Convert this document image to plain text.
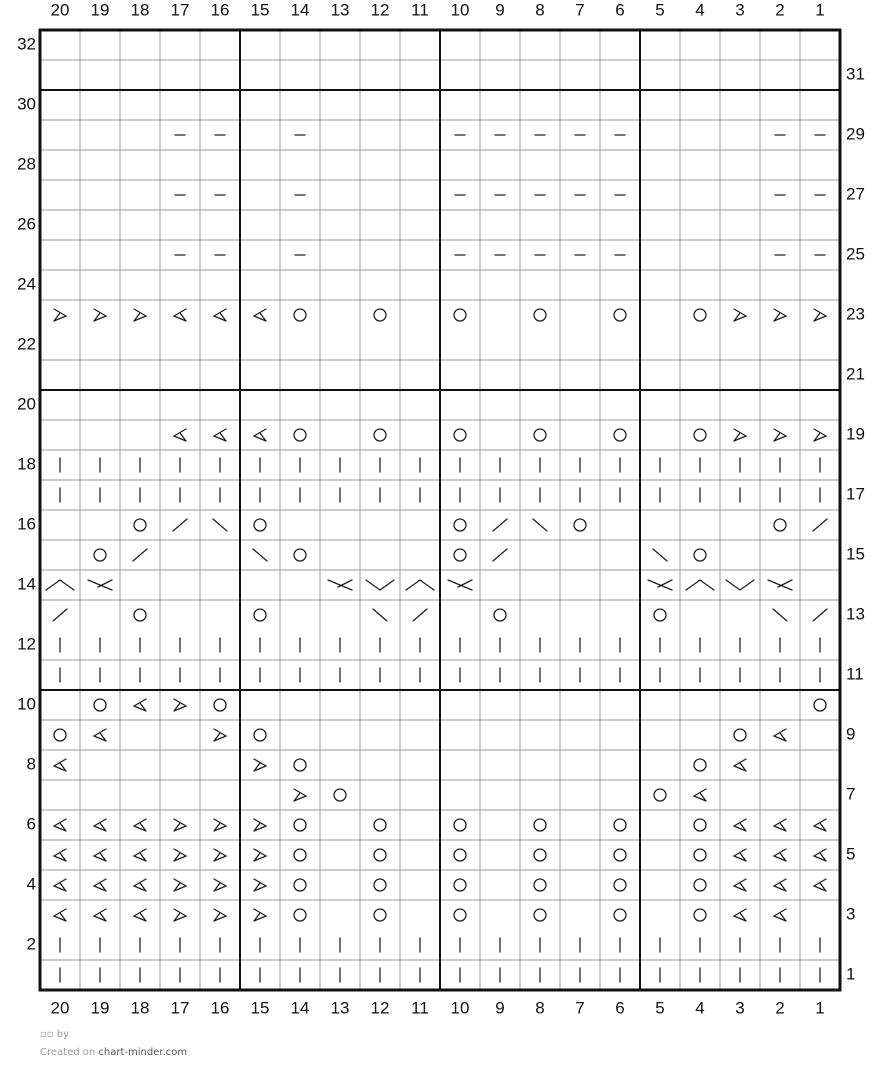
20 19 18 17 16 15 14 13 12 11 10 9 8 7 6 5 4 3 2 1
20 19 18 17 16 15 14 13 12 11 10 9 8 7 6 5 4 3 2 1
32
30
28
26
24
22
20
18
16
14
12
10
8
6
4
2
31
29
27
25
23
21
19
17
15
13
11
9
7
5
3
1
▫▫ by
Created on chart-minder.com
